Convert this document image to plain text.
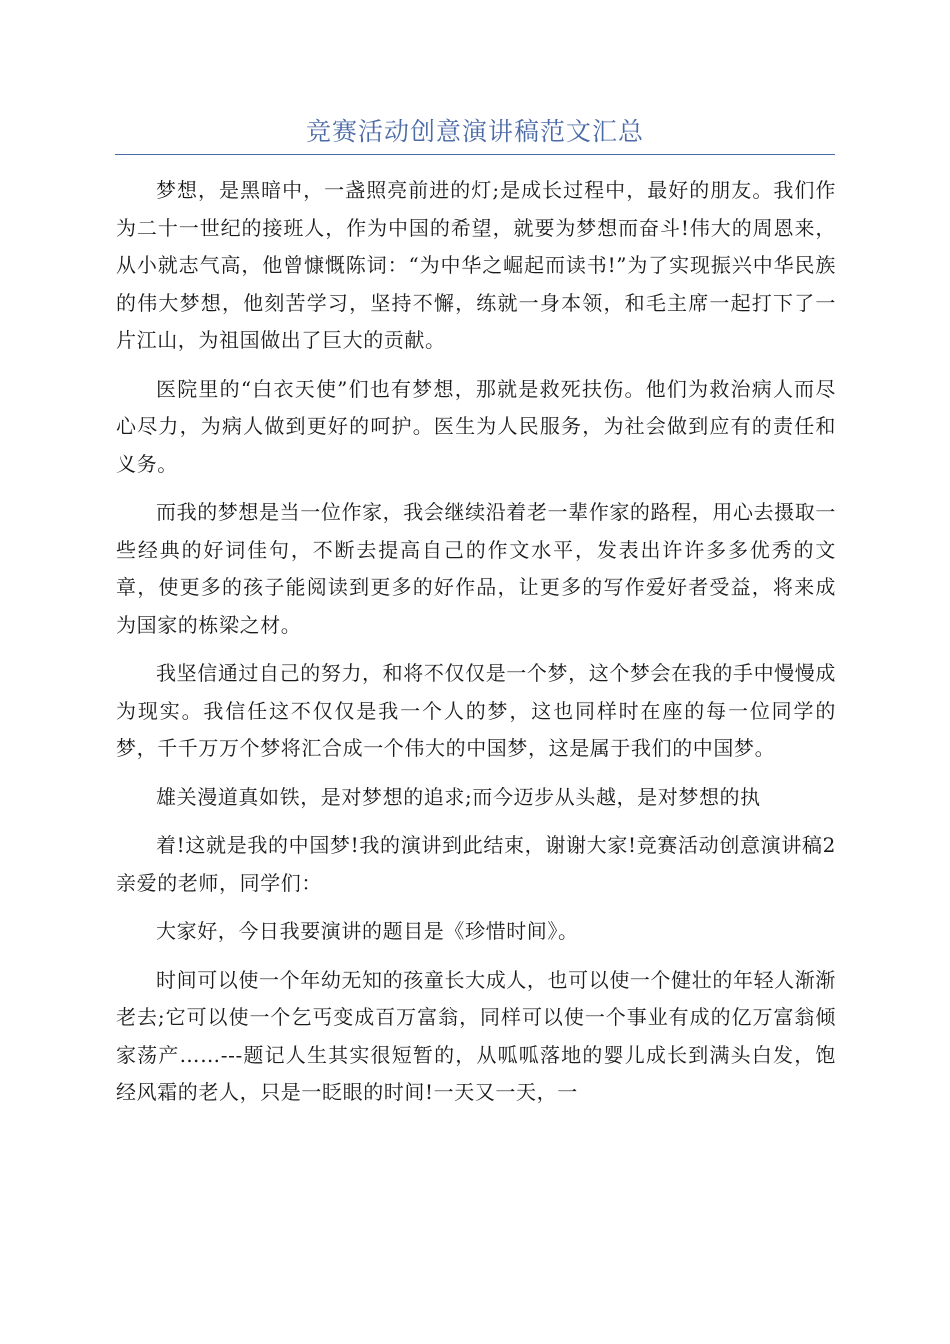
竞赛活动创意演讲稿范文汇总

梦想，是黑暗中，一盏照亮前进的灯;是成长过程中，最好的朋友。我们作为二十一世纪的接班人，作为中国的希望，就要为梦想而奋斗!伟大的周恩来，从小就志气高，他曾慷慨陈词：“为中华之崛起而读书!”为了实现振兴中华民族的伟大梦想，他刻苦学习，坚持不懈，练就一身本领，和毛主席一起打下了一片江山，为祖国做出了巨大的贡献。

医院里的“白衣天使”们也有梦想，那就是救死扶伤。他们为救治病人而尽心尽力，为病人做到更好的呵护。医生为人民服务，为社会做到应有的责任和义务。

而我的梦想是当一位作家，我会继续沿着老一辈作家的路程，用心去摄取一些经典的好词佳句，不断去提高自己的作文水平，发表出许许多多优秀的文章，使更多的孩子能阅读到更多的好作品，让更多的写作爱好者受益，将来成为国家的栋梁之材。

我坚信通过自己的努力，和将不仅仅是一个梦，这个梦会在我的手中慢慢成为现实。我信任这不仅仅是我一个人的梦，这也同样时在座的每一位同学的梦，千千万万个梦将汇合成一个伟大的中国梦，这是属于我们的中国梦。

雄关漫道真如铁，是对梦想的追求;而今迈步从头越，是对梦想的执

着!这就是我的中国梦!我的演讲到此结束，谢谢大家!竞赛活动创意演讲稿2亲爱的老师，同学们：

大家好，今日我要演讲的题目是《珍惜时间》。

时间可以使一个年幼无知的孩童长大成人，也可以使一个健壮的年轻人渐渐老去;它可以使一个乞丐变成百万富翁，同样可以使一个事业有成的亿万富翁倾家荡产……---题记人生其实很短暂的，从呱呱落地的婴儿成长到满头白发，饱经风霜的老人，只是一眨眼的时间!一天又一天，一
